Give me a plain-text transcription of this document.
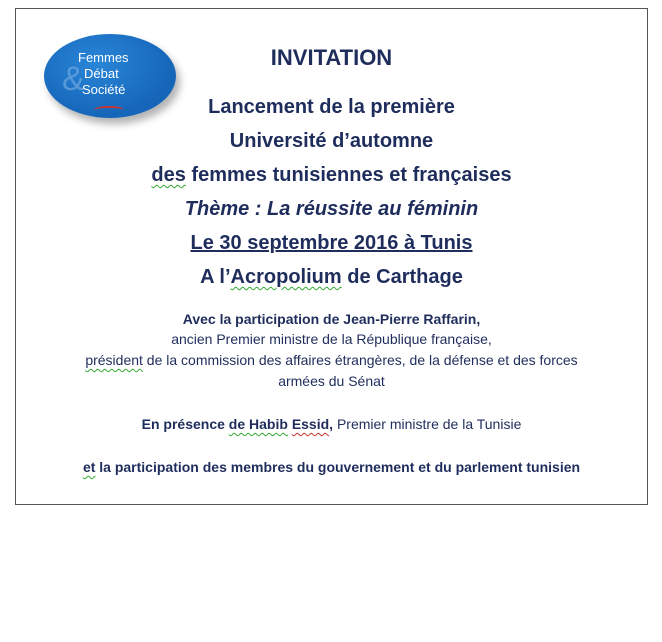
&
Femmes
Débat
Société
INVITATION
Lancement de la première
Université d’automne
des femmes tunisiennes et françaises
Thème : La réussite au féminin
Le 30 septembre 2016 à Tunis
A l’Acropolium de Carthage
Avec la participation de Jean-Pierre Raffarin,
ancien Premier ministre de la République française,
président de la commission des affaires étrangères, de la défense et des forces
armées du Sénat
En présence de Habib Essid, Premier ministre de la Tunisie
et la participation des membres du gouvernement et du parlement tunisien
